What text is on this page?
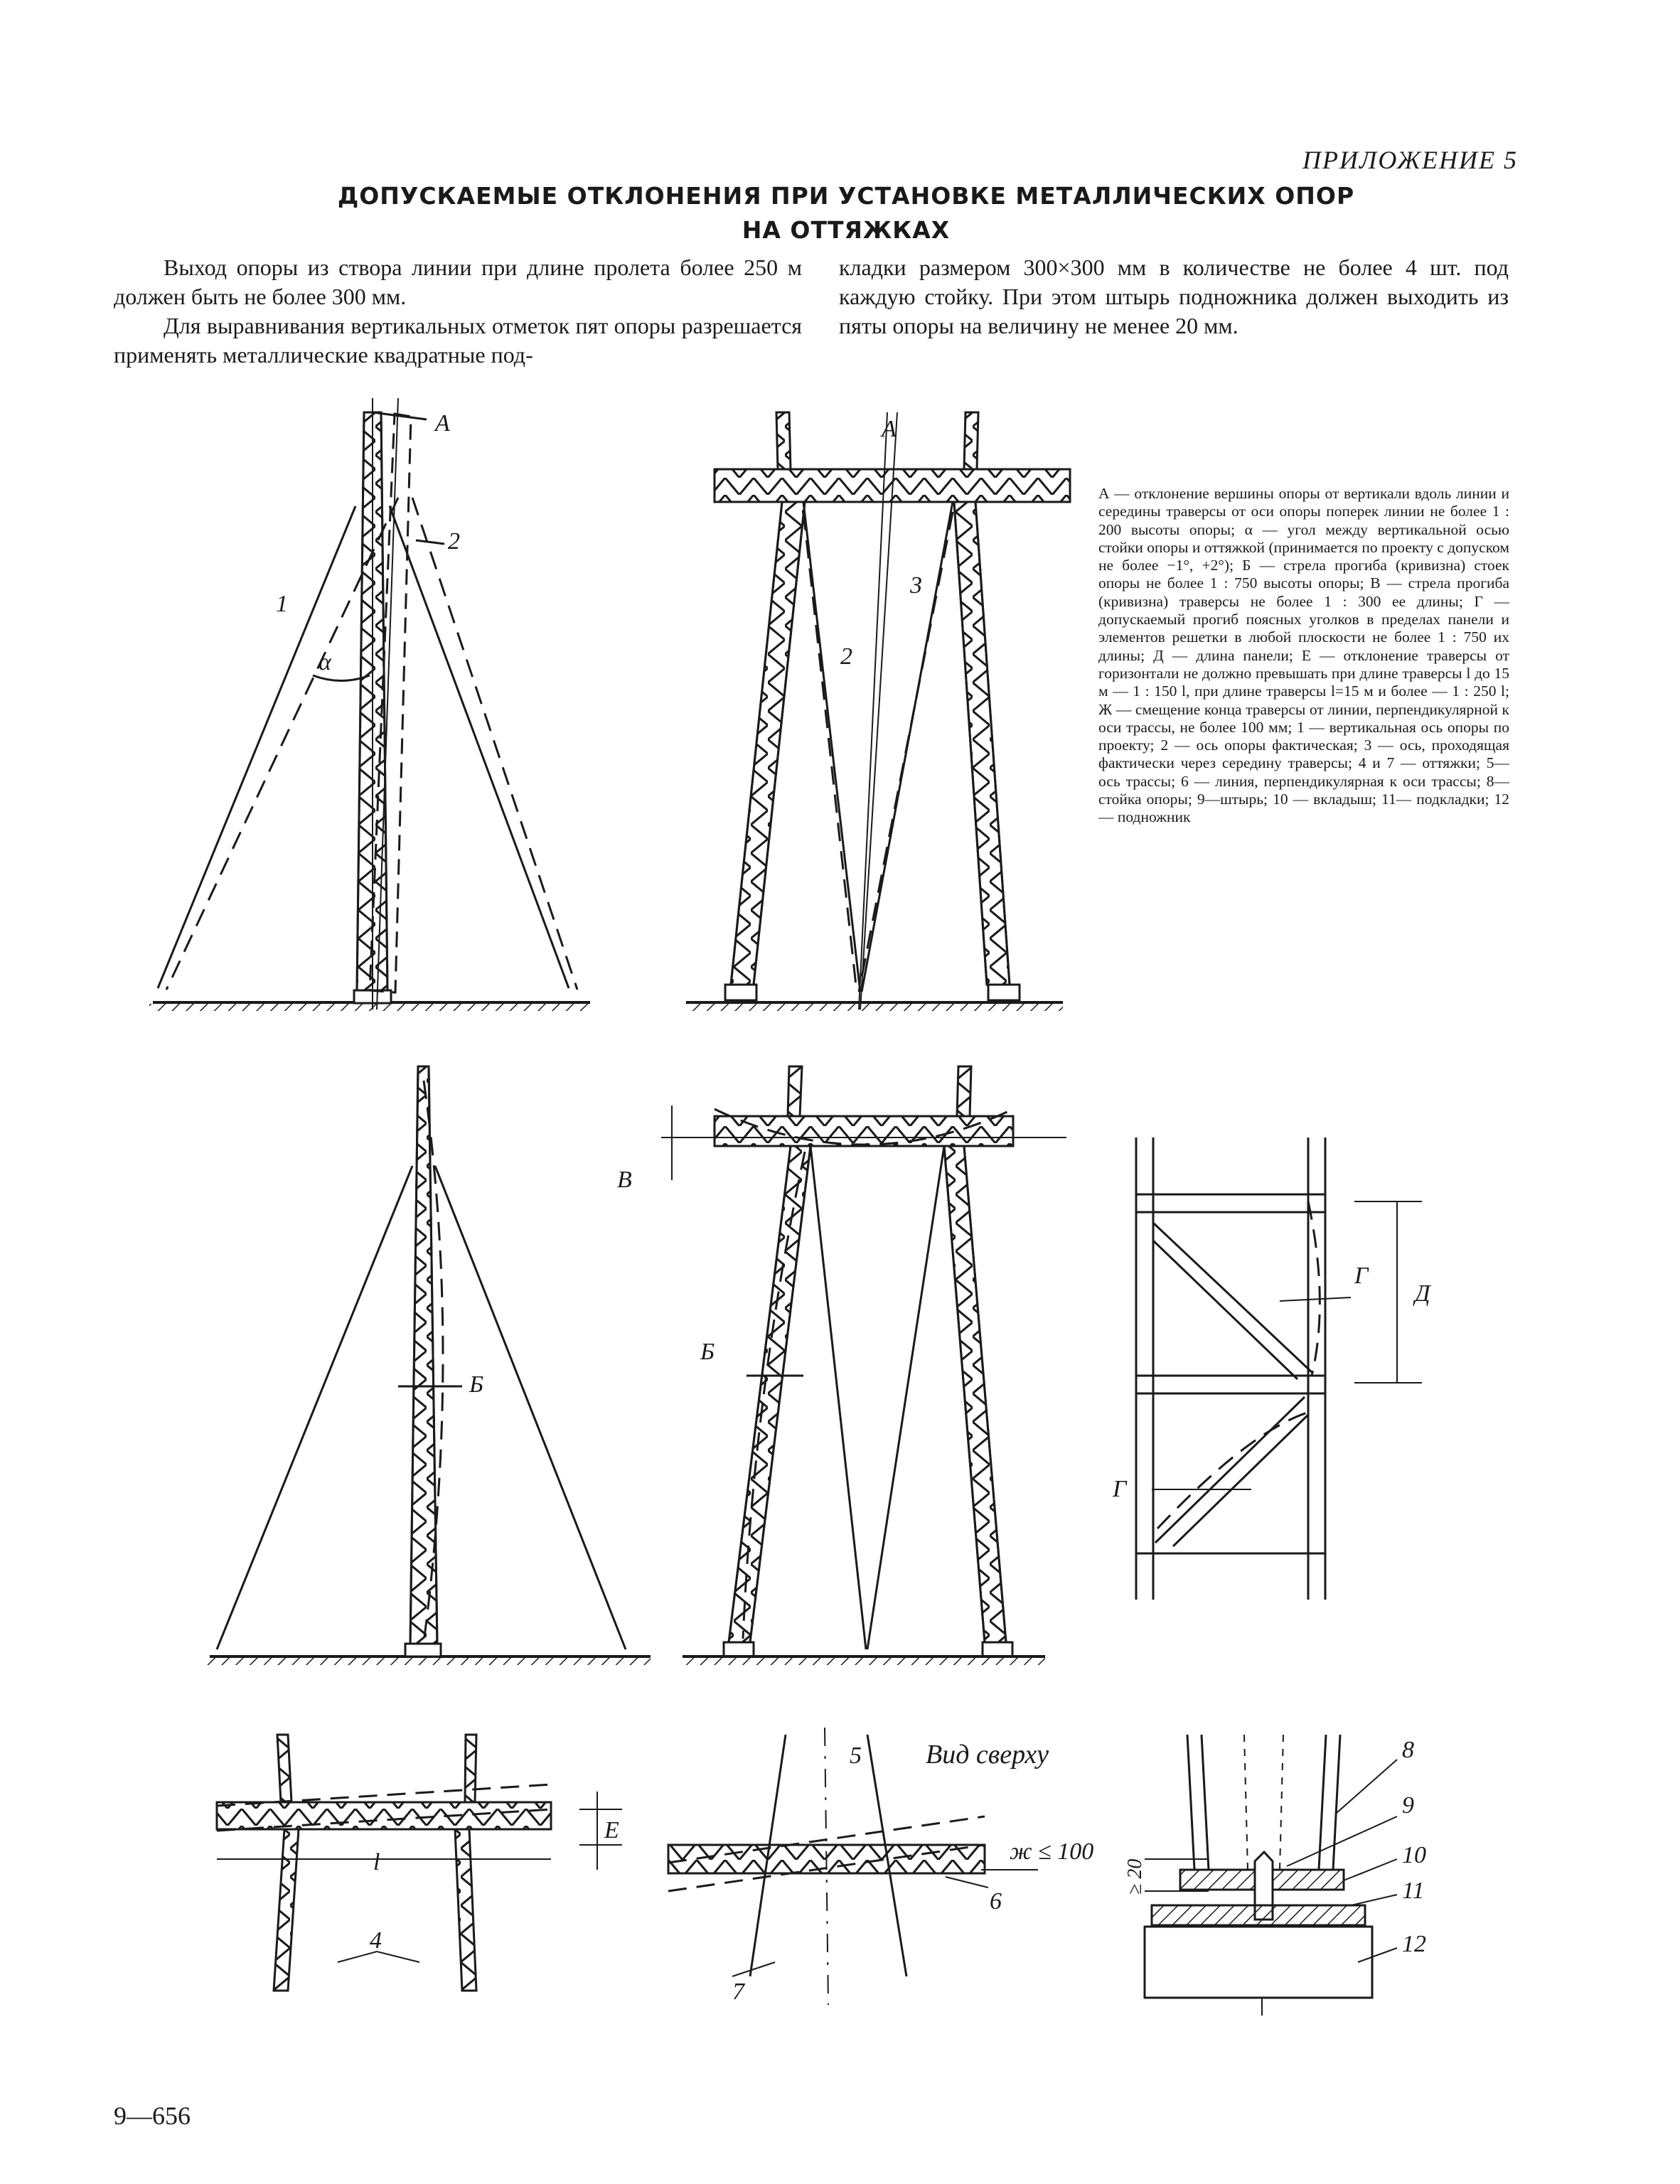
ПРИЛОЖЕНИЕ 5
ДОПУСКАЕМЫЕ ОТКЛОНЕНИЯ ПРИ УСТАНОВКЕ МЕТАЛЛИЧЕСКИХ ОПОР
НА ОТТЯЖКАХ

Выход опоры из створа линии при длине пролета более 250 м должен быть не более 300 мм.

Для выравнивания вертикальных отметок пят опоры разрешается применять металлические квадратные под-

кладки размером 300×300 мм в количестве не более 4 шт. под каждую стойку. При этом штырь подножника должен выходить из пяты опоры на величину не менее 20 мм.

А — отклонение вершины опоры от вертикали вдоль линии и середины траверсы от оси опоры поперек линии не более 1 : 200 высоты опоры; α — угол между вертикальной осью стойки опоры и оттяжкой (принимается по проекту с допуском не более −1°, +2°); Б — стрела прогиба (кривизна) стоек опоры не более 1 : 750 высоты опоры; В — стрела прогиба (кривизна) траверсы не более 1 : 300 ее длины; Г — допускаемый прогиб поясных уголков в пределах панели и элементов решетки в любой плоскости не более 1 : 750 их длины; Д — длина панели; Е — отклонение траверсы от горизонтали не должно превышать при длине траверсы l до 15 м — 1 : 150 l, при длине траверсы l=15 м и более — 1 : 250 l; Ж — смещение конца траверсы от линии, перпендикулярной к оси трассы, не более 100 мм; 1 — вертикальная ось опоры по проекту; 2 — ось опоры фактическая; 3 — ось, проходящая фактически через середину траверсы; 4 и 7 — оттяжки; 5—ось трассы; 6 — линия, перпендикулярная к оси трассы; 8—стойка опоры; 9—штырь; 10 — вкладыш; 11— подкладки; 12— подножник
А
2
1
α
А
3
2
Б
В
Б
Г
Д
Г
l
Е
4
Вид сверху
5
ж ≤ 100
6
7
≥ 20
8
9
10
11
12
9—656
